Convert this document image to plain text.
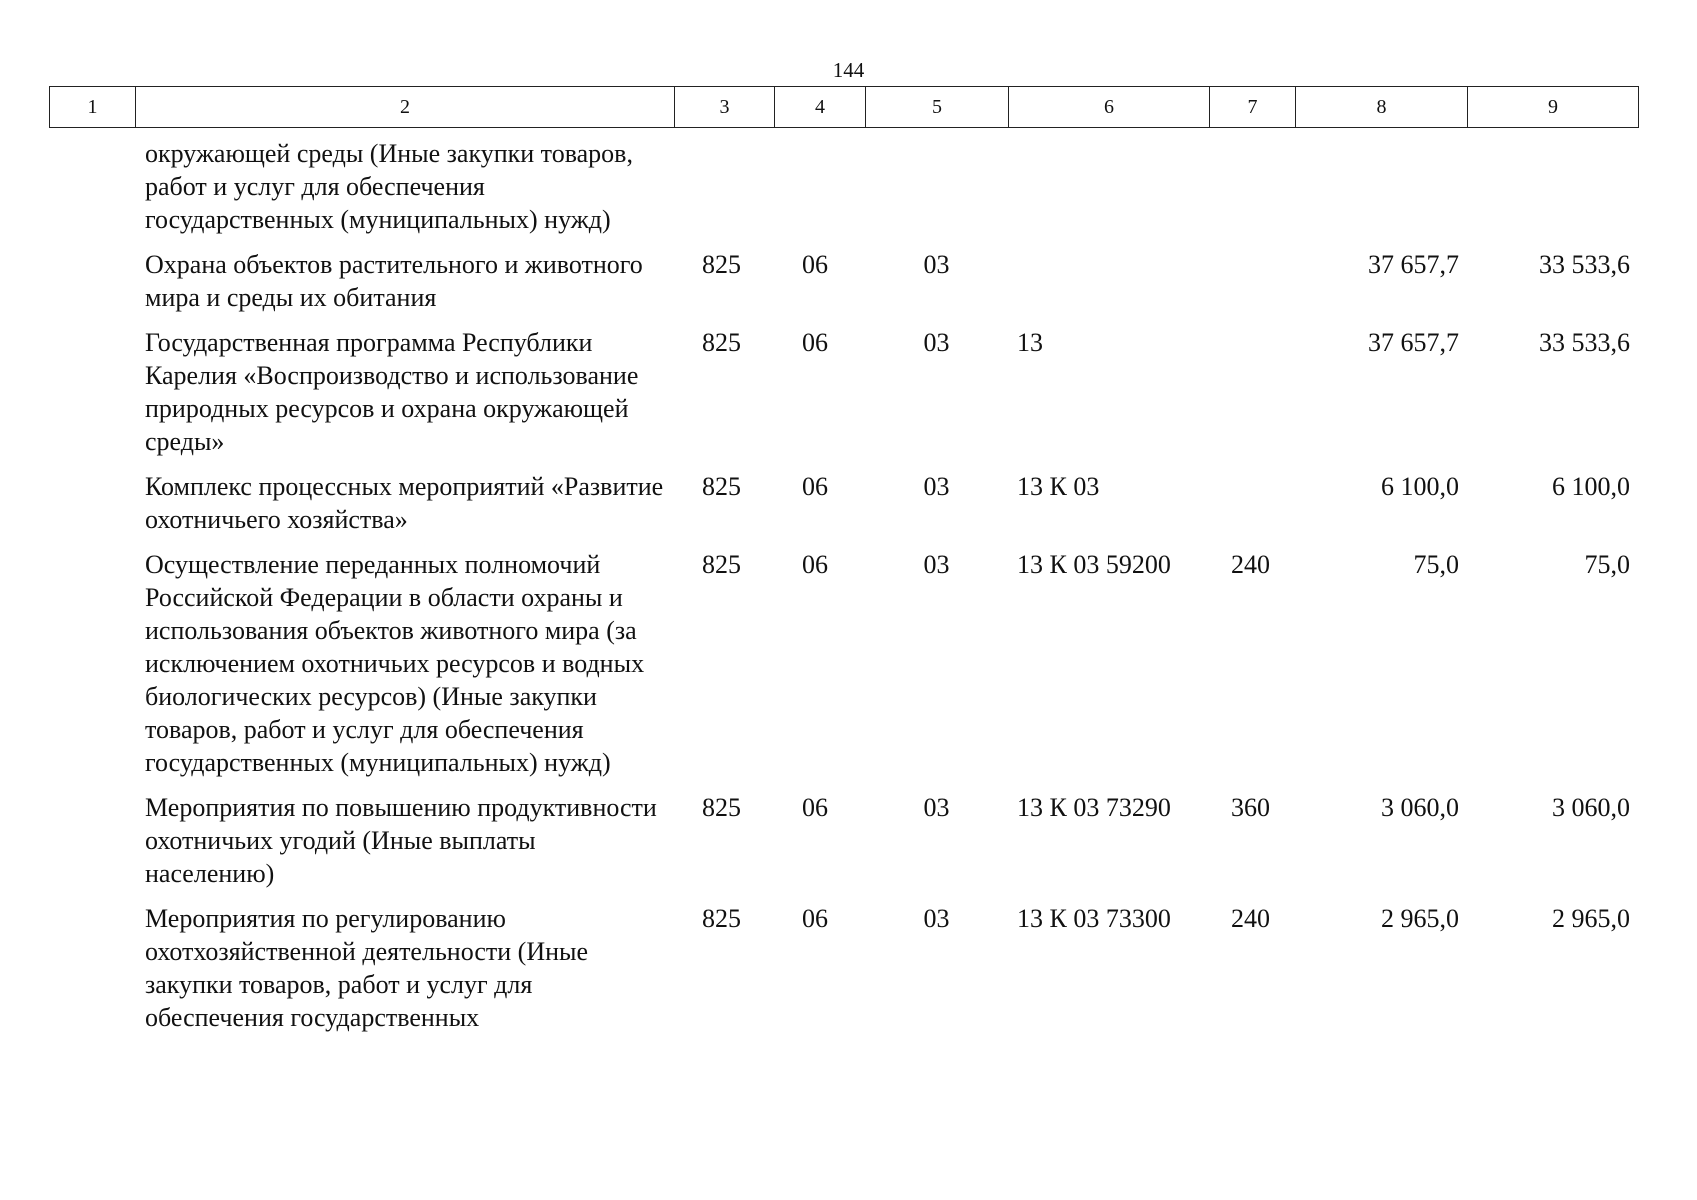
144
1	2	3	4	5	6	7	8	9
	окружающей среды (Иные закупки товаров, работ и услуг для обеспечения государственных (муниципальных) нужд)							
	Охрана объектов растительного и животного мира и среды их обитания	825	06	03			37 657,7	33 533,6
	Государственная программа Республики Карелия «Воспроизводство и использование природных ресурсов и охрана окружающей среды»	825	06	03	13		37 657,7	33 533,6
	Комплекс процессных мероприятий «Развитие охотничьего хозяйства»	825	06	03	13 К 03		6 100,0	6 100,0
	Осуществление переданных полномочий Российской Федерации в области охраны и использования объектов животного мира (за исключением охотничьих ресурсов и водных биологических ресурсов) (Иные закупки товаров, работ и услуг для обеспечения государственных (муниципальных) нужд)	825	06	03	13 К 03 59200	240	75,0	75,0
	Мероприятия по повышению продуктивности охотничьих угодий (Иные выплаты населению)	825	06	03	13 К 03 73290	360	3 060,0	3 060,0
	Мероприятия по регулированию охотхозяйственной деятельности (Иные закупки товаров, работ и услуг для обеспечения государственных	825	06	03	13 К 03 73300	240	2 965,0	2 965,0
